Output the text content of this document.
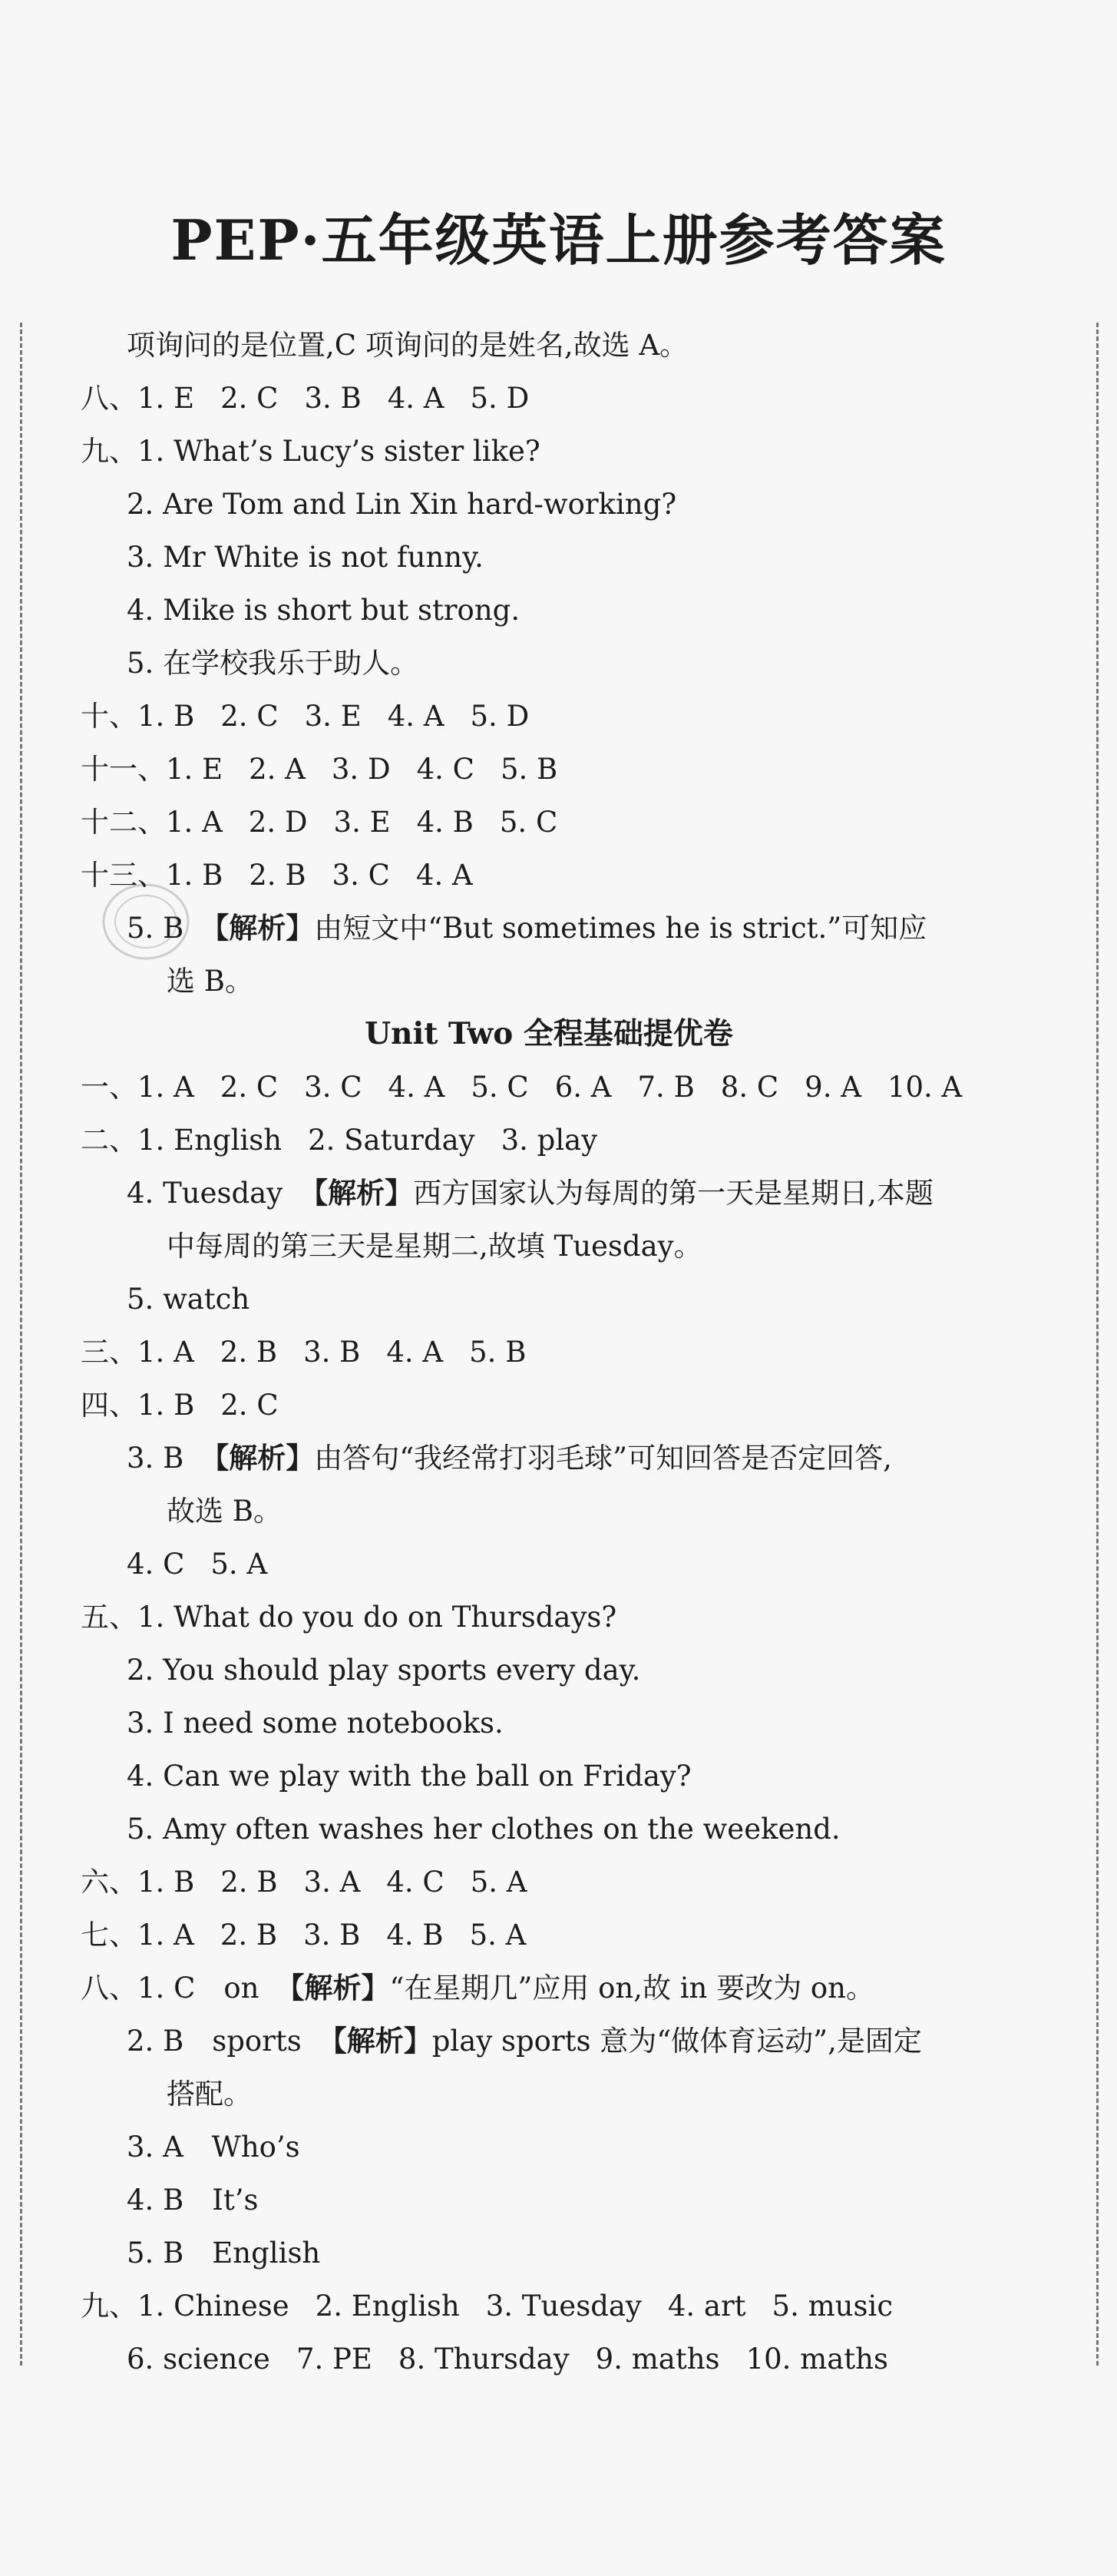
PEP·五年级英语上册参考答案
项询问的是位置,C 项询问的是姓名,故选 A。
八、1. E 2. C 3. B 4. A 5. D
九、1. What’s Lucy’s sister like?
2. Are Tom and Lin Xin hard-working?
3. Mr White is not funny.
4. Mike is short but strong.
5. 在学校我乐于助人。
十、1. B 2. C 3. E 4. A 5. D
十一、1. E 2. A 3. D 4. C 5. B
十二、1. A 2. D 3. E 4. B 5. C
十三、1. B 2. B 3. C 4. A
5. B 【解析】由短文中“But sometimes he is strict.”可知应
选 B。
Unit Two 全程基础提优卷
一、1. A 2. C 3. C 4. A 5. C 6. A 7. B 8. C 9. A 10. A
二、1. English 2. Saturday 3. play
4. Tuesday 【解析】西方国家认为每周的第一天是星期日,本题
中每周的第三天是星期二,故填 Tuesday。
5. watch
三、1. A 2. B 3. B 4. A 5. B
四、1. B 2. C
3. B 【解析】由答句“我经常打羽毛球”可知回答是否定回答,
故选 B。
4. C 5. A
五、1. What do you do on Thursdays?
2. You should play sports every day.
3. I need some notebooks.
4. Can we play with the ball on Friday?
5. Amy often washes her clothes on the weekend.
六、1. B 2. B 3. A 4. C 5. A
七、1. A 2. B 3. B 4. B 5. A
八、1. C　on 【解析】“在星期几”应用 on,故 in 要改为 on。
2. B　sports 【解析】play sports 意为“做体育运动”,是固定
搭配。
3. A　Who’s
4. B　It’s
5. B　English
九、1. Chinese 2. English 3. Tuesday 4. art 5. music
6. science 7. PE 8. Thursday 9. maths 10. maths
